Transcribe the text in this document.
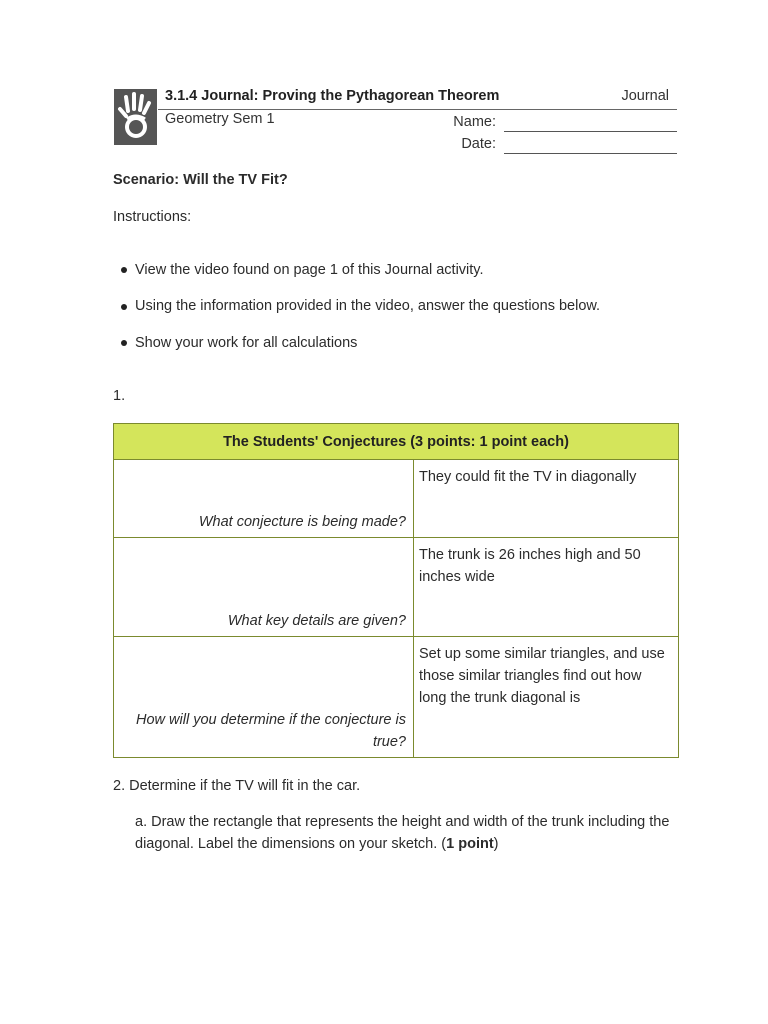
3.1.4 Journal: Proving the Pythagorean Theorem	Journal
Geometry Sem 1	Name:
Date:
Scenario: Will the TV Fit?
Instructions:
View the video found on page 1 of this Journal activity.
Using the information provided in the video, answer the questions below.
Show your work for all calculations
1.
The Students' Conjectures (3 points: 1 point each)	
What conjecture is being made?	They could fit the TV in diagonally
What key details are given?	The trunk is 26 inches high and 50 inches wide
How will you determine if the conjecture is true?	Set up some similar triangles, and use those similar triangles find out how long the trunk diagonal is
2. Determine if the TV will fit in the car.
a. Draw the rectangle that represents the height and width of the trunk including the diagonal. Label the dimensions on your sketch. (1 point)
